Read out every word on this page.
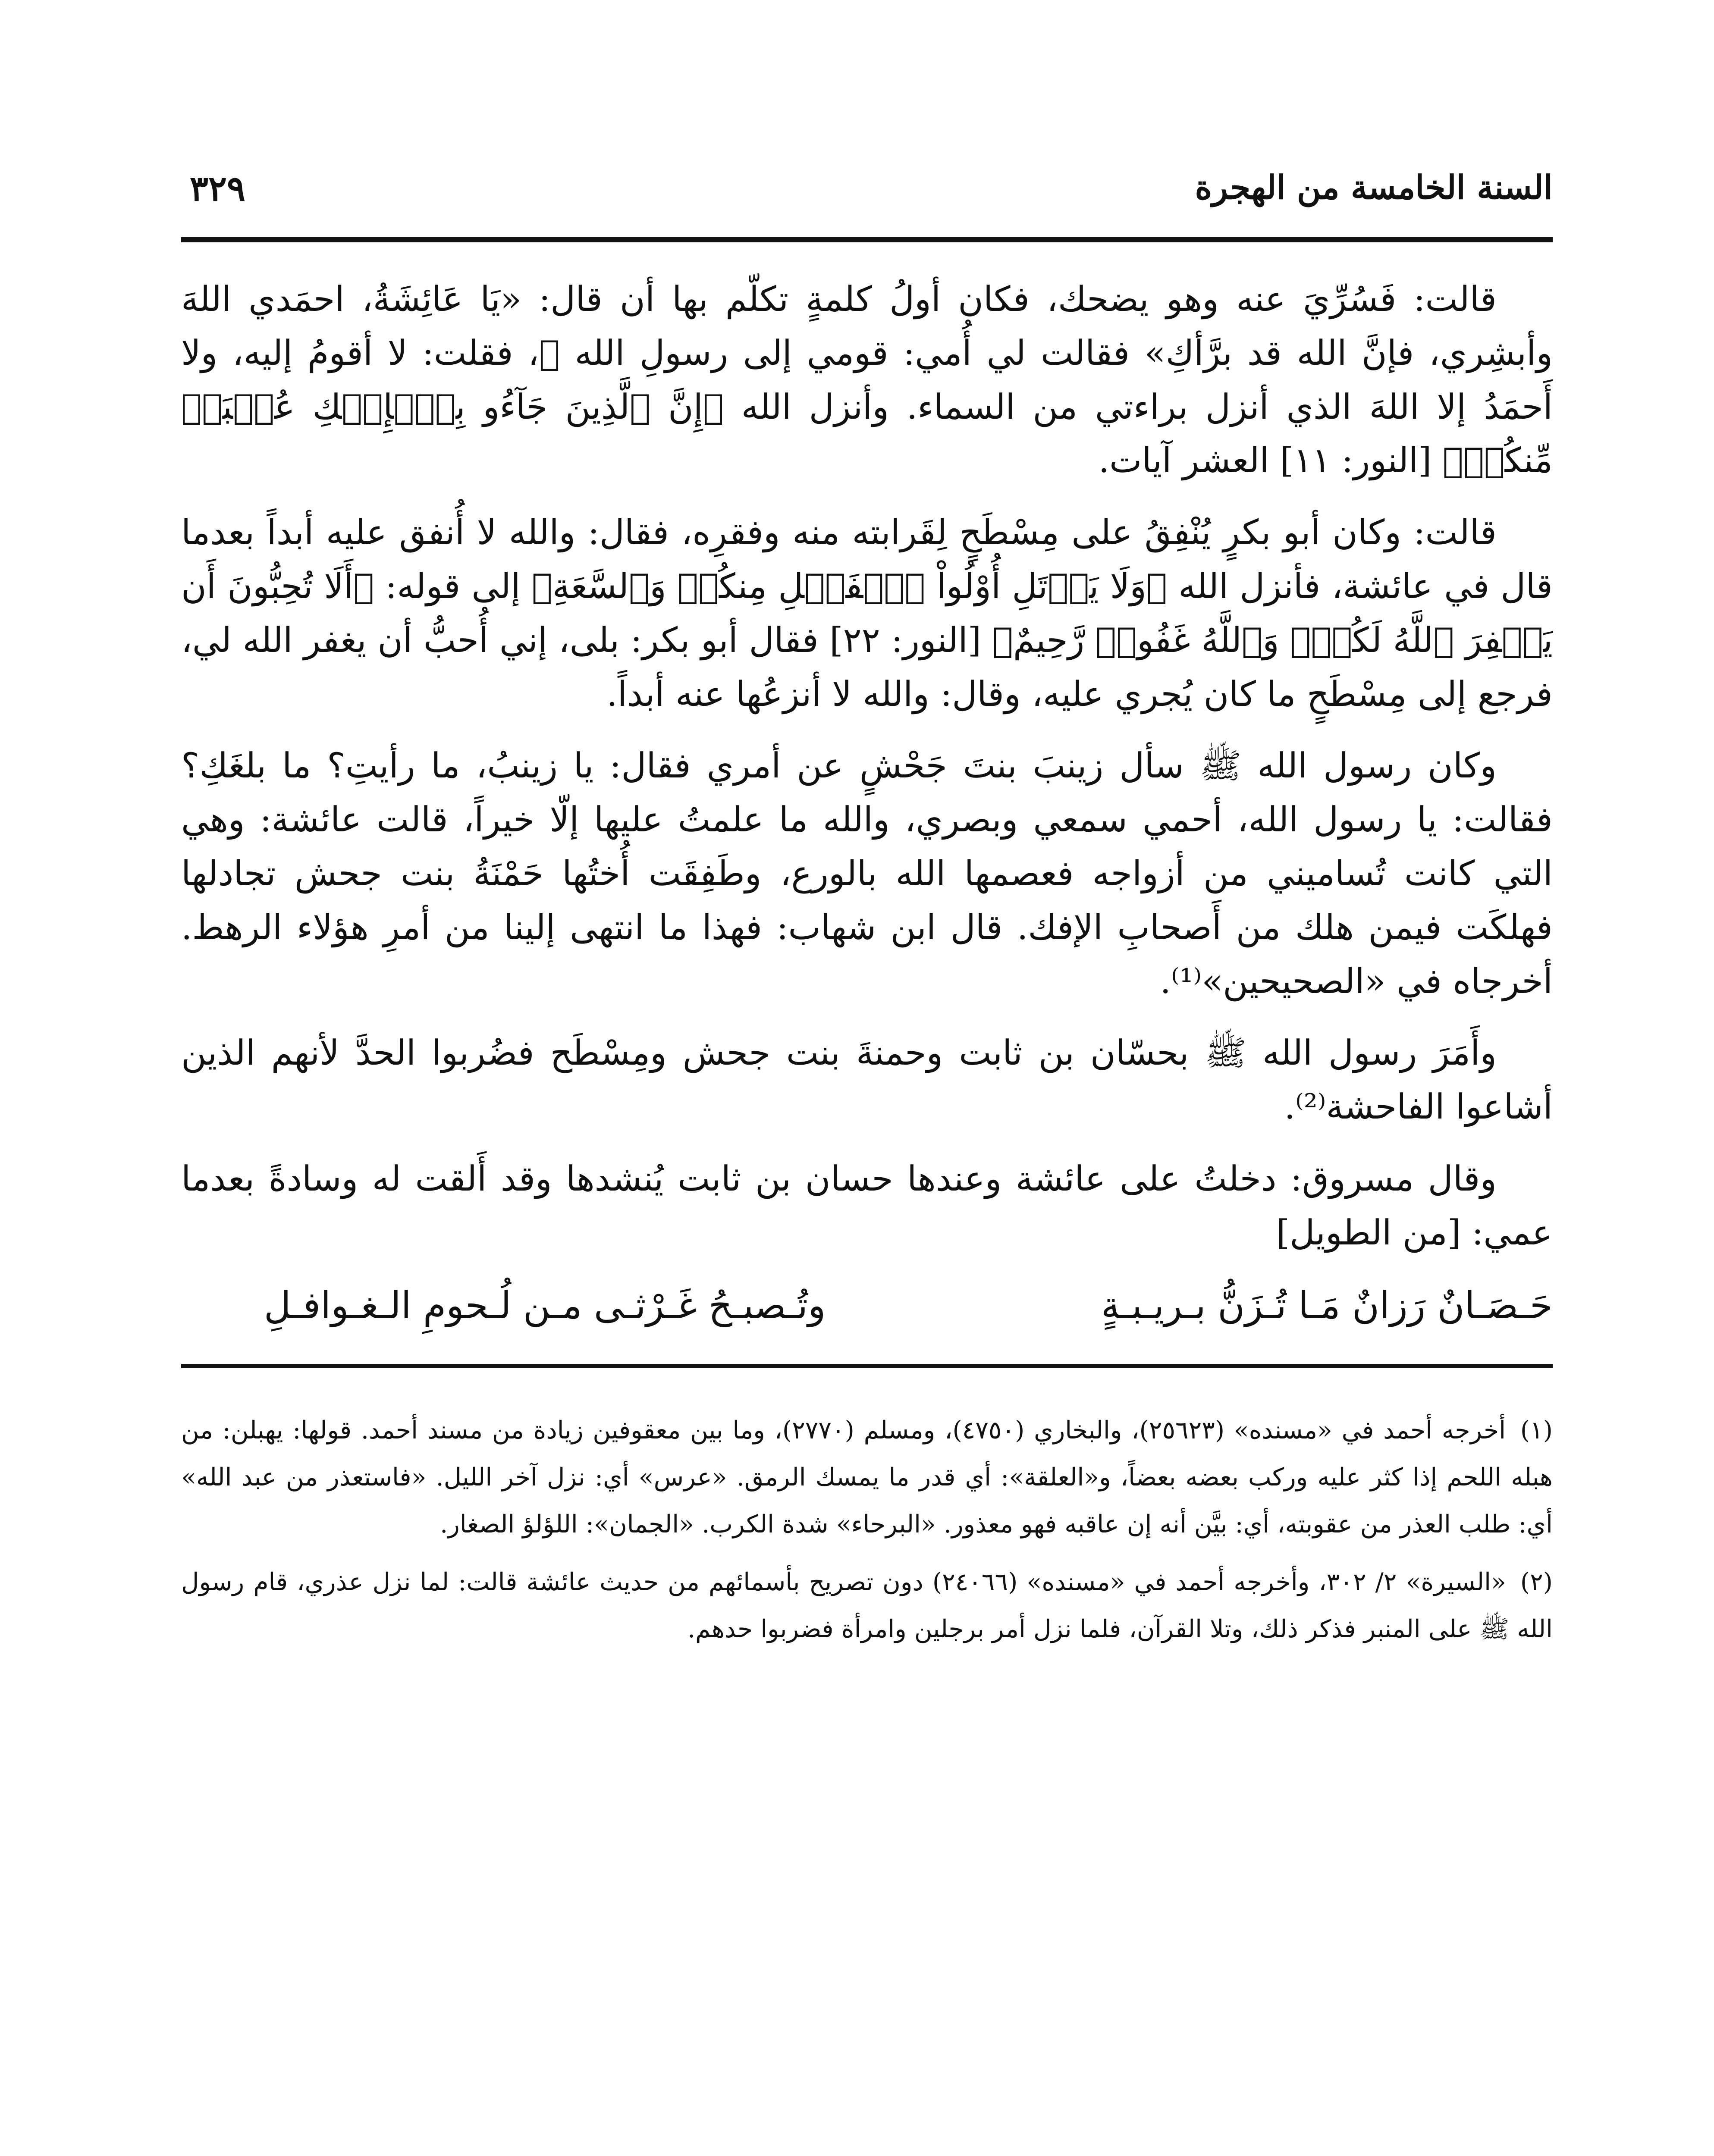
السنة الخامسة من الهجرة
٣٢٩

قالت: فَسُرِّيَ عنه وهو يضحك، فكان أولُ كلمةٍ تكلّم بها أن قال: «يَا عَائِشَةُ، احمَدي اللهَ وأبشِري، فإنَّ الله قد برَّأكِ» فقالت لي أُمي: قومي إلى رسولِ الله ﷺ، فقلت: لا أقومُ إليه، ولا أَحمَدُ إلا اللهَ الذي أنزل براءتي من السماء. وأنزل الله ﴿إِنَّ ٱلَّذِينَ جَآءُو بِٱلۡإِفۡكِ عُصۡبَةٞ مِّنكُمۡ﴾ [النور: ١١] العشر آيات.

قالت: وكان أبو بكرٍ يُنْفِقُ على مِسْطَحٍ لِقَرابته منه وفقرِه، فقال: والله لا أُنفق عليه أبداً بعدما قال في عائشة، فأنزل الله ﴿وَلَا يَأۡتَلِ أُوْلُواْ ٱلۡفَضۡلِ مِنكُمۡ وَٱلسَّعَةِ﴾ إلى قوله: ﴿أَلَا تُحِبُّونَ أَن يَغۡفِرَ ٱللَّهُ لَكُمۡۚ وَٱللَّهُ غَفُورٞ رَّحِيمٌ﴾ [النور: ٢٢] فقال أبو بكر: بلى، إني أُحبُّ أن يغفر الله لي، فرجع إلى مِسْطَحٍ ما كان يُجري عليه، وقال: والله لا أنزعُها عنه أبداً.

وكان رسول الله ﷺ سأل زينبَ بنتَ جَحْشٍ عن أمري فقال: يا زينبُ، ما رأيتِ؟ ما بلغَكِ؟ فقالت: يا رسول الله، أحمي سمعي وبصري، والله ما علمتُ عليها إلّا خيراً، قالت عائشة: وهي التي كانت تُساميني من أزواجه فعصمها الله بالورع، وطَفِقَت أُختُها حَمْنَةُ بنت جحش تجادلها فهلكَت فيمن هلك من أَصحابِ الإفك. قال ابن شهاب: فهذا ما انتهى إلينا من أمرِ هؤلاء الرهط. أخرجاه في «الصحيحين»⁽¹⁾.

وأَمَرَ رسول الله ﷺ بحسّان بن ثابت وحمنةَ بنت جحش ومِسْطَح فضُربوا الحدَّ لأنهم الذين أشاعوا الفاحشة⁽²⁾.

وقال مسروق: دخلتُ على عائشة وعندها حسان بن ثابت يُنشدها وقد أَلقت له وسادةً بعدما عمي: [من الطويل]

حَـصَـانٌ رَزانٌ مَـا تُـزَنُّ بـريـبـةٍ
وتُـصبـحُ غَـرْثـى مـن لُـحومِ الـغـوافـلِ

(١) أخرجه أحمد في «مسنده» (٢٥٦٢٣)، والبخاري (٤٧٥٠)، ومسلم (٢٧٧٠)، وما بين معقوفين زيادة من مسند أحمد. قولها: يهبلن: من هبله اللحم إذا كثر عليه وركب بعضه بعضاً، و«العلقة»: أي قدر ما يمسك الرمق. «عرس» أي: نزل آخر الليل. «فاستعذر من عبد الله» أي: طلب العذر من عقوبته، أي: بيَّن أنه إن عاقبه فهو معذور. «البرحاء» شدة الكرب. «الجمان»: اللؤلؤ الصغار.

(٢) «السيرة» ٢/ ٣٠٢، وأخرجه أحمد في «مسنده» (٢٤٠٦٦) دون تصريح بأسمائهم من حديث عائشة قالت: لما نزل عذري، قام رسول الله ﷺ على المنبر فذكر ذلك، وتلا القرآن، فلما نزل أمر برجلين وامرأة فضربوا حدهم.
